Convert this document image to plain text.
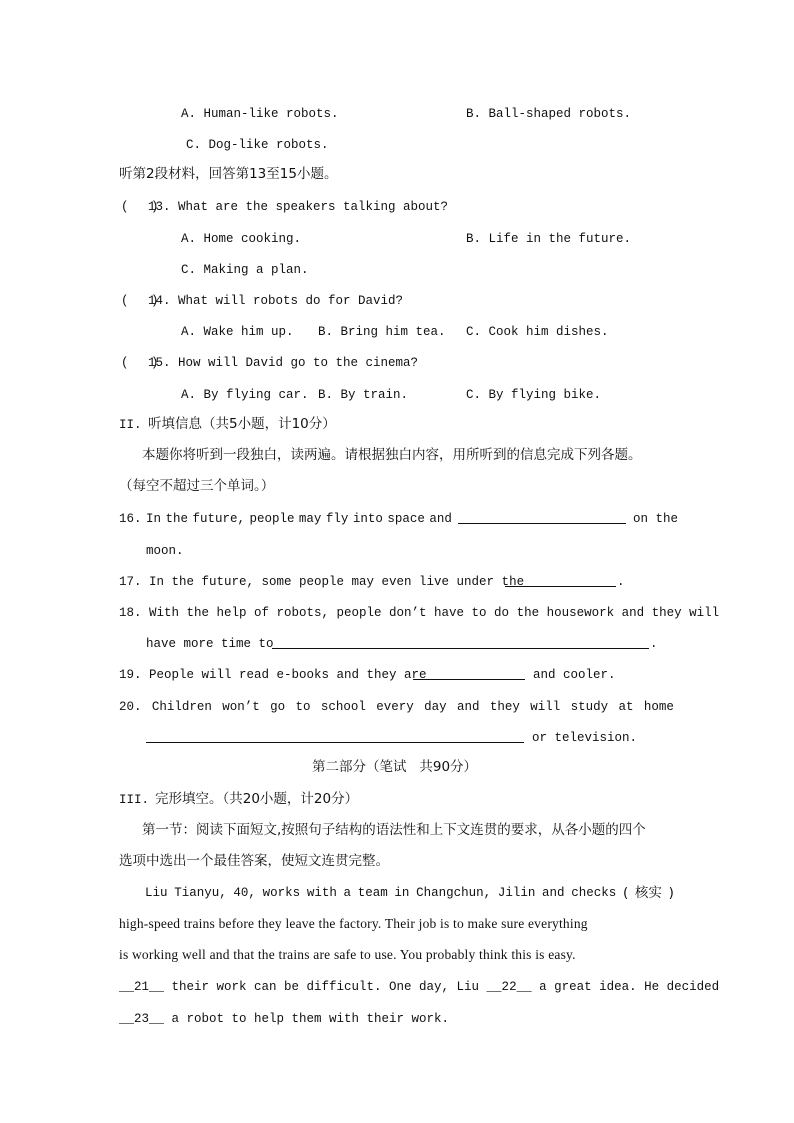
A. Human-like robots.	B. Ball-shaped robots.
C. Dog-like robots.
听第2段材料，回答第13至15小题。
(   )
13. What are the speakers talking about?
A. Home cooking.	B. Life in the future.
C. Making a plan.
(   )
14. What will robots do for David?
A. Wake him up. B. Bring him tea. C. Cook him dishes.
(   )
15. How will David go to the cinema?
A. By flying car. B. By train.	C. By flying bike.
II. 听填信息（共5小题，计10分）
本题你将听到一段独白，读两遍。请根据独白内容，用所听到的信息完成下列各题。
（每空不超过三个单词。）
16. In the future, people may fly into space and	on the
moon.
17. In the future, some people may even live under the	.
18. With the help of robots, people don’t have to do the housework and they will
have more time to	.
19. People will read e-books and they are	and cooler.
20. Children won’t go to school every day and they will study at home
or television.
第二部分（笔试   共90分）
III. 完形填空。（共20小题，计20分）
第一节：阅读下面短文,按照句子结构的语法性和上下文连贯的要求，从各小题的四个
选项中选出一个最佳答案，使短文连贯完整。
Liu Tianyu, 40, works with a team in Changchun, Jilin and checks ( 核实 )
high-speed trains before they leave the factory. Their job is to make sure everything
is working well and that the trains are safe to use. You probably think this is easy.
__21__ their work can be difficult. One day, Liu __22__ a great idea. He decided
__23__ a robot to help them with their work.
